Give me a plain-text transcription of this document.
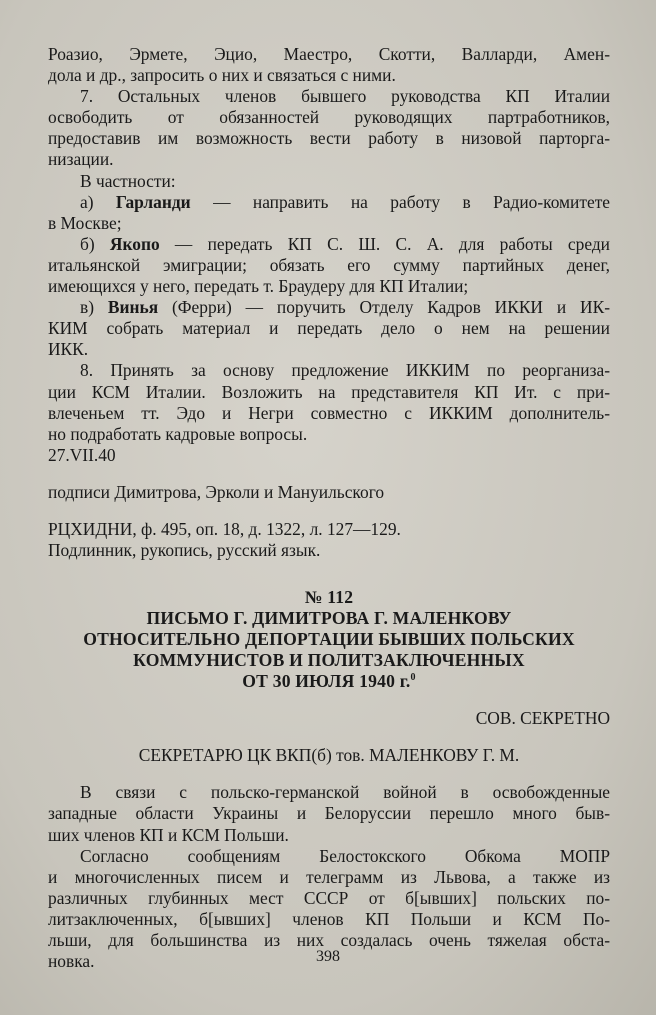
Роазио, Эрмете, Эцио, Маестро, Скотти, Валларди, Амен-
дола и др., запросить о них и связаться с ними.
7. Остальных членов бывшего руководства КП Италии
освободить от обязанностей руководящих партработников,
предоставив им возможность вести работу в низовой парторга-
низации.
В частности:
а) Гарланди — направить на работу в Радио-комитете
в Москве;
б) Якопо — передать КП С. Ш. С. А. для работы среди
итальянской эмиграции; обязать его сумму партийных денег,
имеющихся у него, передать т. Браудеру для КП Италии;
в) Винья (Ферри) — поручить Отделу Кадров ИККИ и ИК-
КИМ собрать материал и передать дело о нем на решении
ИКК.
8. Принять за основу предложение ИККИМ по реорганиза-
ции КСМ Италии. Возложить на представителя КП Ит. с при-
влеченьем тт. Эдо и Негри совместно с ИККИМ дополнитель-
но подработать кадровые вопросы.
27.VII.40
подписи Димитрова, Эрколи и Мануильского
РЦХИДНИ, ф. 495, оп. 18, д. 1322, л. 127—129.
Подлинник, рукопись, русский язык.
№ 112
ПИСЬМО Г. ДИМИТРОВА Г. МАЛЕНКОВУ
ОТНОСИТЕЛЬНО ДЕПОРТАЦИИ БЫВШИХ ПОЛЬСКИХ
КОММУНИСТОВ И ПОЛИТЗАКЛЮЧЕННЫХ
ОТ 30 ИЮЛЯ 1940 г.$^0$
СОВ. СЕКРЕТНО
СЕКРЕТАРЮ ЦК ВКП(б) тов. МАЛЕНКОВУ Г. М.
В связи с польско-германской войной в освобожденные
западные области Украины и Белоруссии перешло много быв-
ших членов КП и КСМ Польши.
Согласно сообщениям Белостокского Обкома МОПР
и многочисленных писем и телеграмм из Львова, а также из
различных глубинных мест СССР от б[ывших] польских по-
литзаключенных, б[ывших] членов КП Польши и КСМ По-
льши, для большинства из них создалась очень тяжелая обста-
новка.	398
